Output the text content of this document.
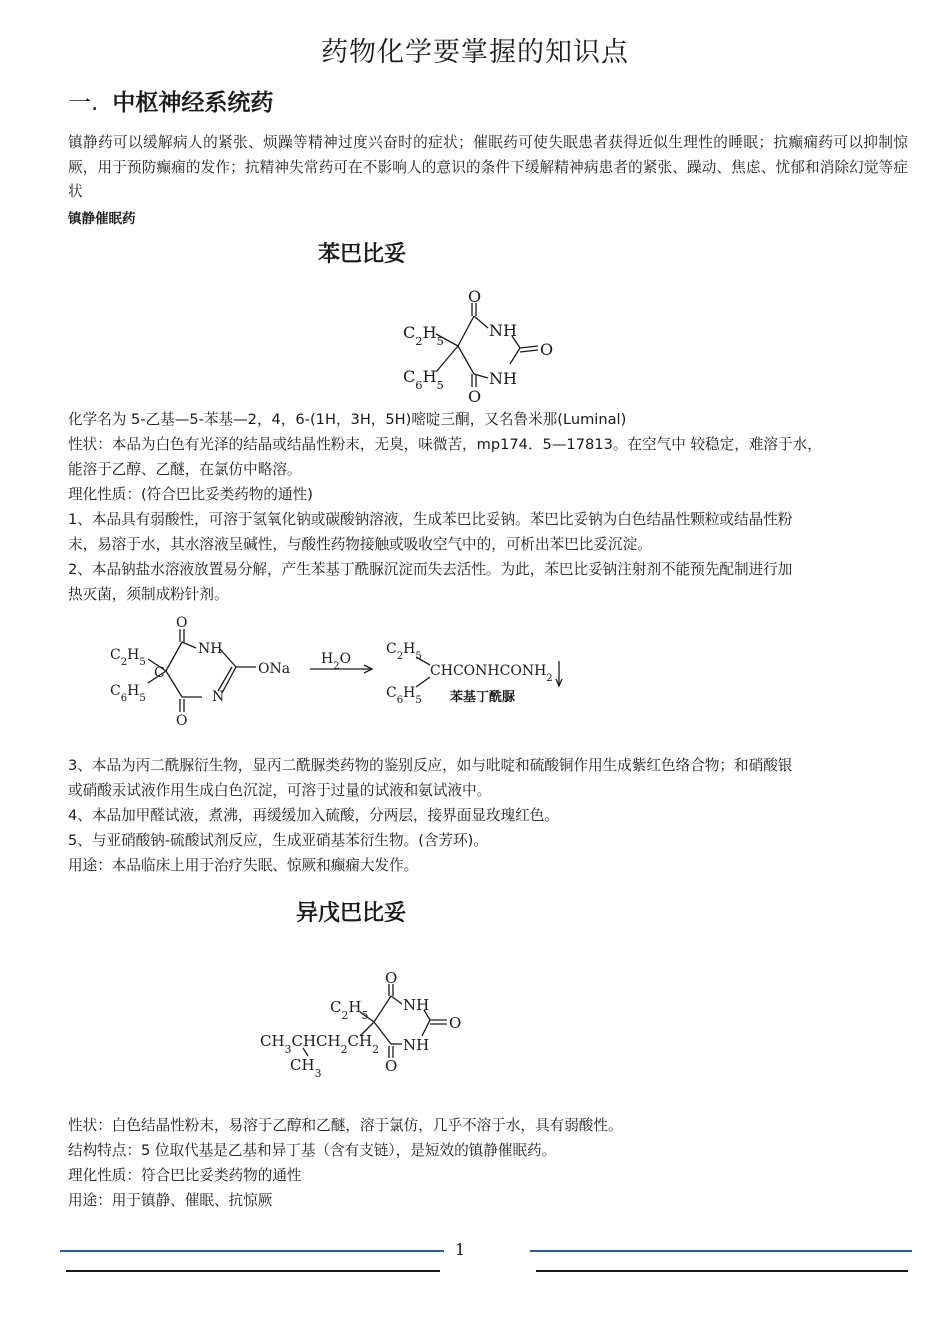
药物化学要掌握的知识点
一. 中枢神经系统药
镇静药可以缓解病人的紧张、烦躁等精神过度兴奋时的症状；催眠药可使失眠患者获得近似生理性的睡眠；抗癫痫药可以抑制惊厥，用于预防癫痫的发作；抗精神失常药可在不影响人的意识的条件下缓解精神病患者的紧张、躁动、焦虑、忧郁和消除幻觉等症状
镇静催眠药
苯巴比妥
O
NH
O
NH
O
$C_2H_5$
$C_6H_5$
化学名为 5-乙基—5-苯基—2，4，6-(1H，3H，5H)嘧啶三酮，又名鲁米那(Luminal)
性状：本品为白色有光泽的结晶或结晶性粉末，无臭，味微苦，mp174．5—17813。在空气中 较稳定，难溶于水，
能溶于乙醇、乙醚，在氯仿中略溶。
理化性质：(符合巴比妥类药物的通性)
1、本品具有弱酸性，可溶于氢氧化钠或碳酸钠溶液，生成苯巴比妥钠。苯巴比妥钠为白色结晶性颗粒或结晶性粉
末，易溶于水，其水溶液呈碱性，与酸性药物接触或吸收空气中的，可析出苯巴比妥沉淀。
2、本品钠盐水溶液放置易分解，产生苯基丁酰脲沉淀而失去活性。为此，苯巴比妥钠注射剂不能预先配制进行加
热灭菌，须制成粉针剂。
O
NH
ONa
N
O
$C_2H_5$
C
$C_6H_5$
$H_2O$
$C_2H_5$
$CHCONHCONH_2$
$C_6H_5$ 苯基丁酰脲
3、本品为丙二酰脲衍生物，显丙二酰脲类药物的鉴别反应，如与吡啶和硫酸铜作用生成紫红色络合物；和硝酸银
或硝酸汞试液作用生成白色沉淀，可溶于过量的试液和氨试液中。
4、本品加甲醛试液，煮沸，再缓缓加入硫酸，分两层，接界面显玫瑰红色。
5、与亚硝酸钠-硫酸试剂反应，生成亚硝基苯衍生物。(含芳环)。
用途：本品临床上用于治疗失眠、惊厥和癫痫大发作。
异戊巴比妥
O
NH
O
NH
O
$C_2H_5$
$CH_3CHCH_2CH_2$
$CH_3$
性状：白色结晶性粉末，易溶于乙醇和乙醚，溶于氯仿，几乎不溶于水，具有弱酸性。
结构特点：5 位取代基是乙基和异丁基（含有支链），是短效的镇静催眠药。
理化性质：符合巴比妥类药物的通性
用途：用于镇静、催眠、抗惊厥
1
